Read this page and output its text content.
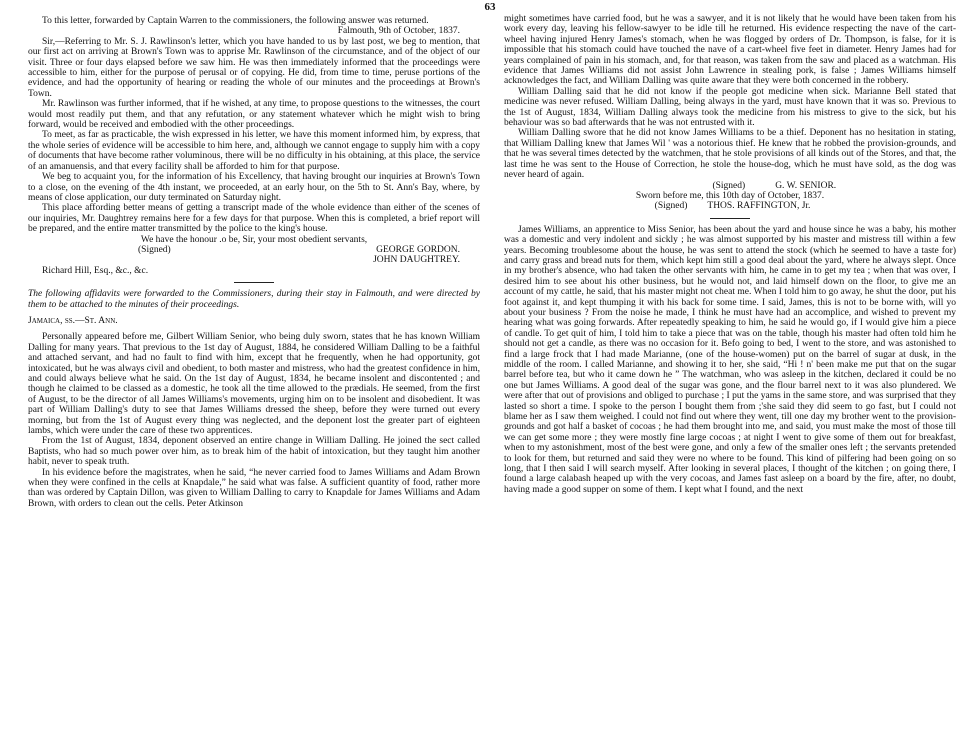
63

To this letter, forwarded by Captain Warren to the commissioners, the following answer was returned.

Falmouth, 9th of October, 1837.

Sir,—Referring to Mr. S. J. Rawlinson's letter, which you have handed to us by last post, we beg to mention, that our first act on arriving at Brown's Town was to apprise Mr. Rawlinson of the circumstance, and of the object of our visit. Three or four days elapsed before we saw him. He was then immediately informed that the proceedings were accessible to him, either for the purpose of perusal or of copying. He did, from time to time, peruse portions of the evidence, and had the opportunity of hearing or reading the whole of our minutes and the proceedings at Brown's Town.

Mr. Rawlinson was further informed, that if he wished, at any time, to propose questions to the witnesses, the court would most readily put them, and that any refutation, or any statement whatever which he might wish to bring forward, would be received and embodied with the other proceedings.

To meet, as far as practicable, the wish expressed in his letter, we have this moment informed him, by express, that the whole series of evidence will be accessible to him here, and, although we cannot engage to supply him with a copy of documents that have become rather voluminous, there will be no difficulty in his obtaining, at this place, the service of an amanuensis, and that every facility shall be afforded to him for that purpose.

We beg to acquaint you, for the information of his Excellency, that having brought our inquiries at Brown's Town to a close, on the evening of the 4th instant, we proceeded, at an early hour, on the 5th to St. Ann's Bay, where, by means of close application, our duty terminated on Saturday night.

This place affording better means of getting a transcript made of the whole evidence than either of the scenes of our inquiries, Mr. Daughtrey remains here for a few days for that purpose. When this is completed, a brief report will be prepared, and the entire matter transmitted by the police to the king's house.

We have the honour .o be, Sir, your most obedient servants,

(Signed)	GEORGE GORDON.
	JOHN DAUGHTREY.

Richard Hill, Esq., &c., &c.

The following affidavits were forwarded to the Commissioners, during their stay in Falmouth, and were directed by them to be attached to the minutes of their proceedings.

Jamaica, ss.—St. Ann.

Personally appeared before me, Gilbert William Senior, who being duly sworn, states that he has known William Dalling for many years. That previous to the 1st day of August, 1884, he considered William Dalling to be a faithful and attached servant, and had no fault to find with him, except that he frequently, when he had opportunity, got intoxicated, but he was always civil and obedient, to both master and mistress, who had the greatest confidence in him, and could always believe what he said. On the 1st day of August, 1834, he became insolent and discontented ; and though he claimed to be classed as a domestic, he took all the time allowed to the prædials. He seemed, from the first of August, to be the director of all James Williams's movements, urging him on to be insolent and disobedient. It was part of William Dalling's duty to see that James Williams dressed the sheep, before they were turned out every morning, but from the 1st of August every thing was neglected, and the deponent lost the greater part of eighteen lambs, which were under the care of these two apprentices.

From the 1st of August, 1834, deponent observed an entire change in William Dalling. He joined the sect called Baptists, who had so much power over him, as to break him of the habit of intoxication, but they taught him another habit, never to speak truth.

In his evidence before the magistrates, when he said, “he never carried food to James Williams and Adam Brown when they were confined in the cells at Knapdale,” he said what was false. A sufficient quantity of food, rather more than was ordered by Captain Dillon, was given to William Dalling to carry to Knapdale for James Williams and Adam Brown, with orders to clean out the cells. Peter Atkinson

might sometimes have carried food, but he was a sawyer, and it is not likely that he would have been taken from his work every day, leaving his fellow-sawyer to be idle till he returned. His evidence respecting the nave of the cart-wheel having injured Henry James's stomach, when he was flogged by orders of Dr. Thompson, is false, for it is impossible that his stomach could have touched the nave of a cart-wheel five feet in diameter. Henry James had for years complained of pain in his stomach, and, for that reason, was taken from the saw and placed as a watchman. His evidence that James Williams did not assist John Lawrence in stealing pork, is false ; James Williams himself acknowledges the fact, and William Dalling was quite aware that they were both concerned in the robbery.

William Dalling said that he did not know if the people got medicine when sick. Marianne Bell stated that medicine was never refused. William Dalling, being always in the yard, must have known that it was so. Previous to the 1st of August, 1834, William Dalling always took the medicine from his mistress to give to the sick, but his behaviour was so bad afterwards that he was not entrusted with it.

William Dalling swore that he did not know James Williams to be a thief. Deponent has no hesitation in stating, that William Dalling knew that James Wil ' was a notorious thief. He knew that he robbed the provision-grounds, and that he was several times detected by the watchmen, that he stole provisions of all kinds out of the Stores, and that, the last time he was sent to the House of Correction, he stole the house-dog, which he must have sold, as the dog was never heard of again.

(Signed)	G. W. SENIOR.

Sworn before me, this 10th day of October, 1837.

(Signed)	THOS. RAFFINGTON, Jr.

James Williams, an apprentice to Miss Senior, has been about the yard and house since he was a baby, his mother was a domestic and very indolent and sickly ; he was almost supported by his master and mistress till within a few years. Becoming troublesome about the house, he was sent to attend the stock (which he seemed to have a taste for) and carry grass and bread nuts for them, which kept him still a good deal about the yard, where he always slept. Once in my brother's absence, who had taken the other servants with him, he came in to get my tea ; when that was over, I desired him to see about his other business, but he would not, and laid himself down on the floor, to give me an account of my cattle, he said, that his master might not cheat me. When I told him to go away, he shut the door, put his foot against it, and kept thumping it with his back for some time. I said, James, this is not to be borne with, will yo about your business ? From the noise he made, I think he must have had an accomplice, and wished to prevent my hearing what was going forwards. After repeatedly speaking to him, he said he would go, if I would give him a piece of candle. To get quit of him, I told him to take a piece that was on the table, though his master had often told him he should not get a candle, as there was no occasion for it. Befo going to bed, I went to the store, and was astonished to find a large frock that I had made Marianne, (one of the house-women) put on the barrel of sugar at dusk, in the middle of the room. I called Marianne, and showing it to her, she said, “Hi ! n' been make me put that on the sugar barrel before tea, but who it came down he ” The watchman, who was asleep in the kitchen, declared it could be no one but James Williams. A good deal of the sugar was gone, and the flour barrel next to it was also plundered. We were after that out of provisions and obliged to purchase ; I put the yams in the same store, and was surprised that they lasted so short a time. I spoke to the person I bought them from ;'she said they did seem to go fast, but I could not blame her as I saw them weighed. I could not find out where they went, till one day my brother went to the provision-grounds and got half a basket of cocoas ; he had them brought into me, and said, you must make the most of those till we can get some more ; they were mostly fine large cocoas ; at night I went to give some of them out for breakfast, when to my astonishment, most of the best were gone, and only a few of the smaller ones left ; the servants pretended to look for them, but returned and said they were no where to be found. This kind of pilfering had been going on so long, that I then said I will search myself. After looking in several places, I thought of the kitchen ; on going there, I found a large calabash heaped up with the very cocoas, and James fast asleep on a board by the fire, after, no doubt, having made a good supper on some of them. I kept what I found, and the next
